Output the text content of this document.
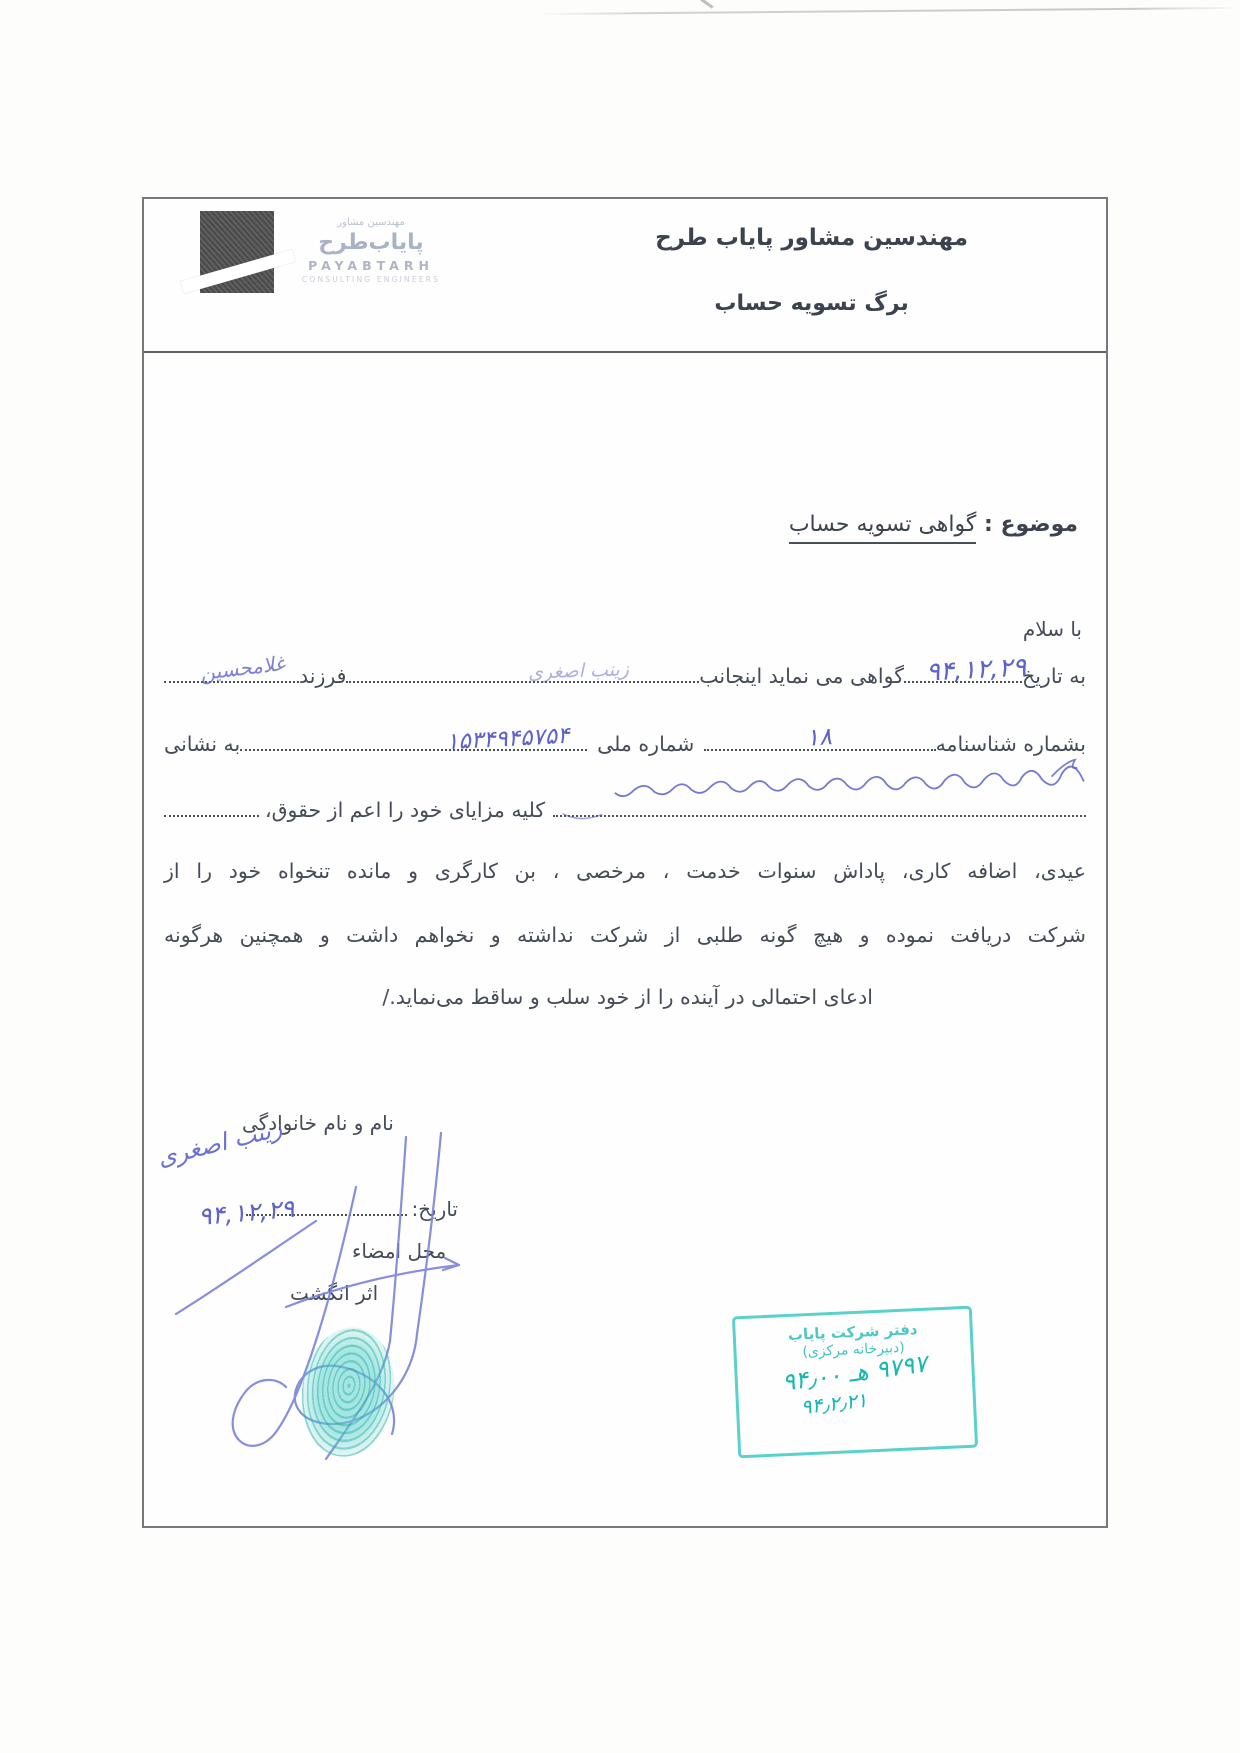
مهندسین مشاور
پایاب‌طرح
PAYABTARH
CONSULTING ENGINEERS
مهندسین مشاور پایاب طرح
برگ تسویه حساب
موضوع : گواهی تسویه حساب
با سلام
به تاریخ
۹۴,۱۲,۲۹
گواهی می نماید اینجانب
زینب اصغری
فرزند
غلامحسین
بشماره شناسنامه
۱۸
شماره ملی
۱۵۳۴۹۴۵۷۵۴
به نشانی
کلیه مزایای خود را اعم از حقوق،
عیدی، اضافه کاری، پاداش سنوات خدمت ، مرخصی ، بن کارگری و مانده تنخواه خود را از
شرکت دریافت نموده و هیچ گونه طلبی از شرکت نداشته و نخواهم داشت و همچنین هرگونه
ادعای احتمالی در آینده را از خود سلب و ساقط می‌نماید./
نام و نام خانوادگی
زینب اصغری
تاریخ:
۹۴,۱۲,۲۹
محل امضاء
اثر انگشت
دفتر شرکت پایاب
(دبیرخانه مرکزی)
۹۷۹۷ هـ ۹۴٫۰۰
۹۴٫۲٫۲۱
